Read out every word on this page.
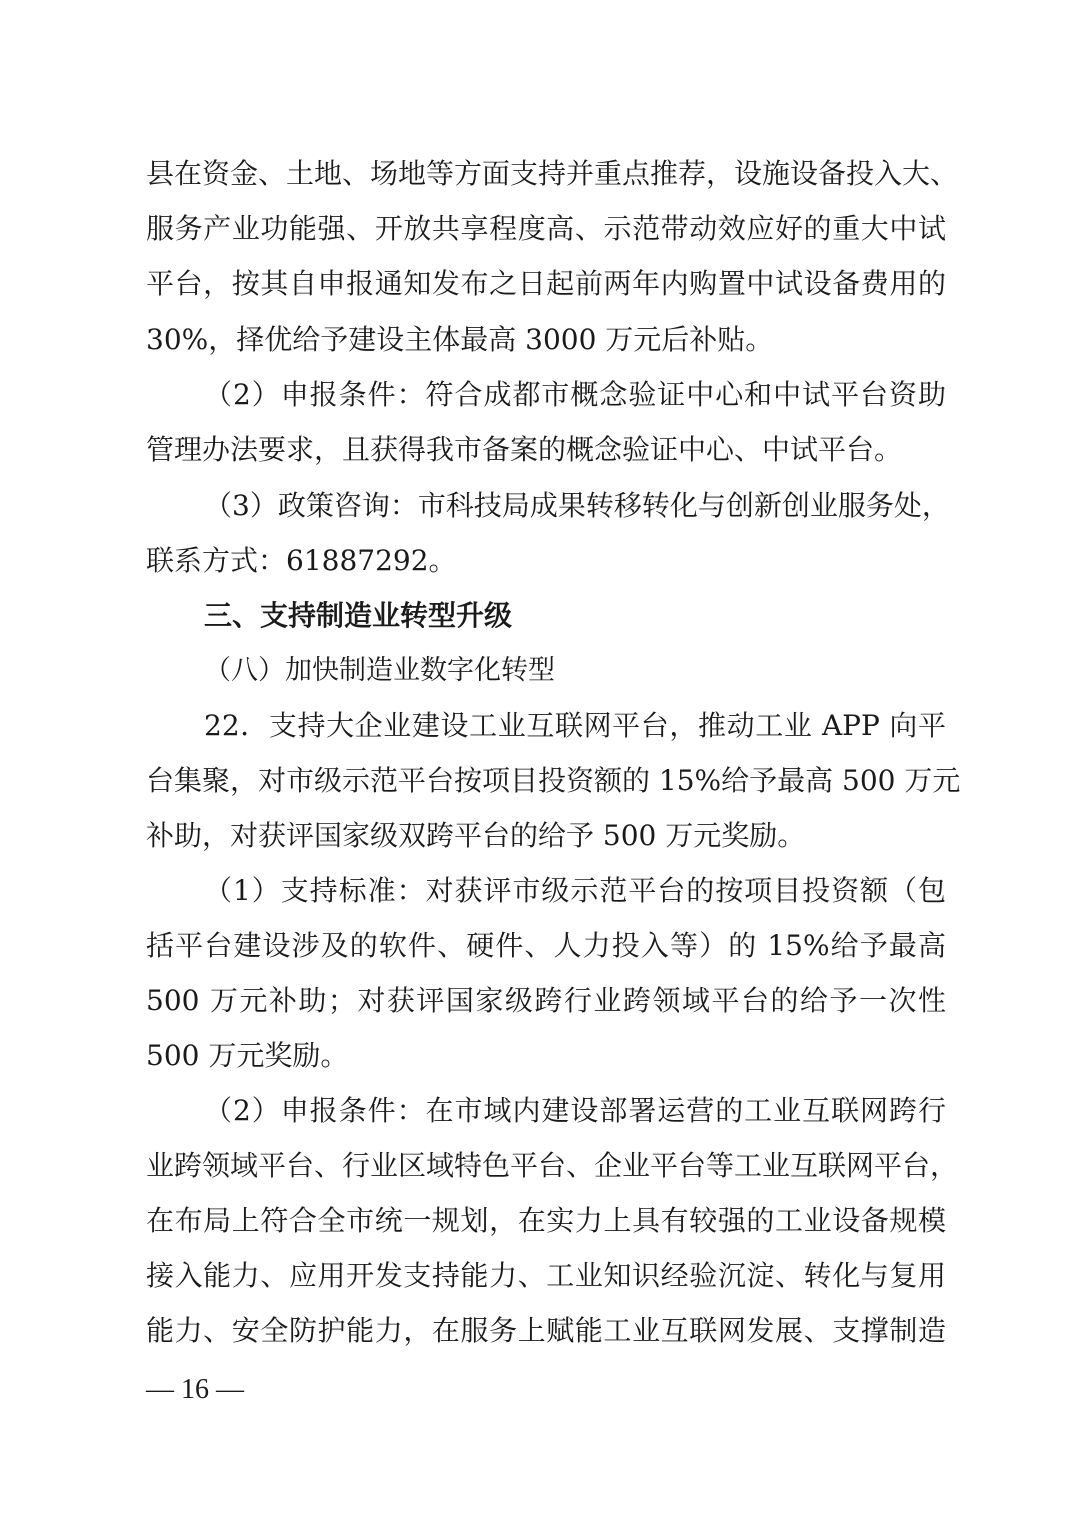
县在资金、土地、场地等方面支持并重点推荐，设施设备投入大、
服务产业功能强、开放共享程度高、示范带动效应好的重大中试
平台，按其自申报通知发布之日起前两年内购置中试设备费用的
30%，择优给予建设主体最高 3000 万元后补贴。
（2）申报条件：符合成都市概念验证中心和中试平台资助
管理办法要求，且获得我市备案的概念验证中心、中试平台。
（3）政策咨询：市科技局成果转移转化与创新创业服务处，
联系方式：61887292。
三、支持制造业转型升级
（八）加快制造业数字化转型
22．支持大企业建设工业互联网平台，推动工业 APP 向平
台集聚，对市级示范平台按项目投资额的 15%给予最高 500 万元
补助，对获评国家级双跨平台的给予 500 万元奖励。
（1）支持标准：对获评市级示范平台的按项目投资额（包
括平台建设涉及的软件、硬件、人力投入等）的 15%给予最高
500 万元补助；对获评国家级跨行业跨领域平台的给予一次性
500 万元奖励。
（2）申报条件：在市域内建设部署运营的工业互联网跨行
业跨领域平台、行业区域特色平台、企业平台等工业互联网平台，
在布局上符合全市统一规划，在实力上具有较强的工业设备规模
接入能力、应用开发支持能力、工业知识经验沉淀、转化与复用
能力、安全防护能力，在服务上赋能工业互联网发展、支撑制造
— 16 —
